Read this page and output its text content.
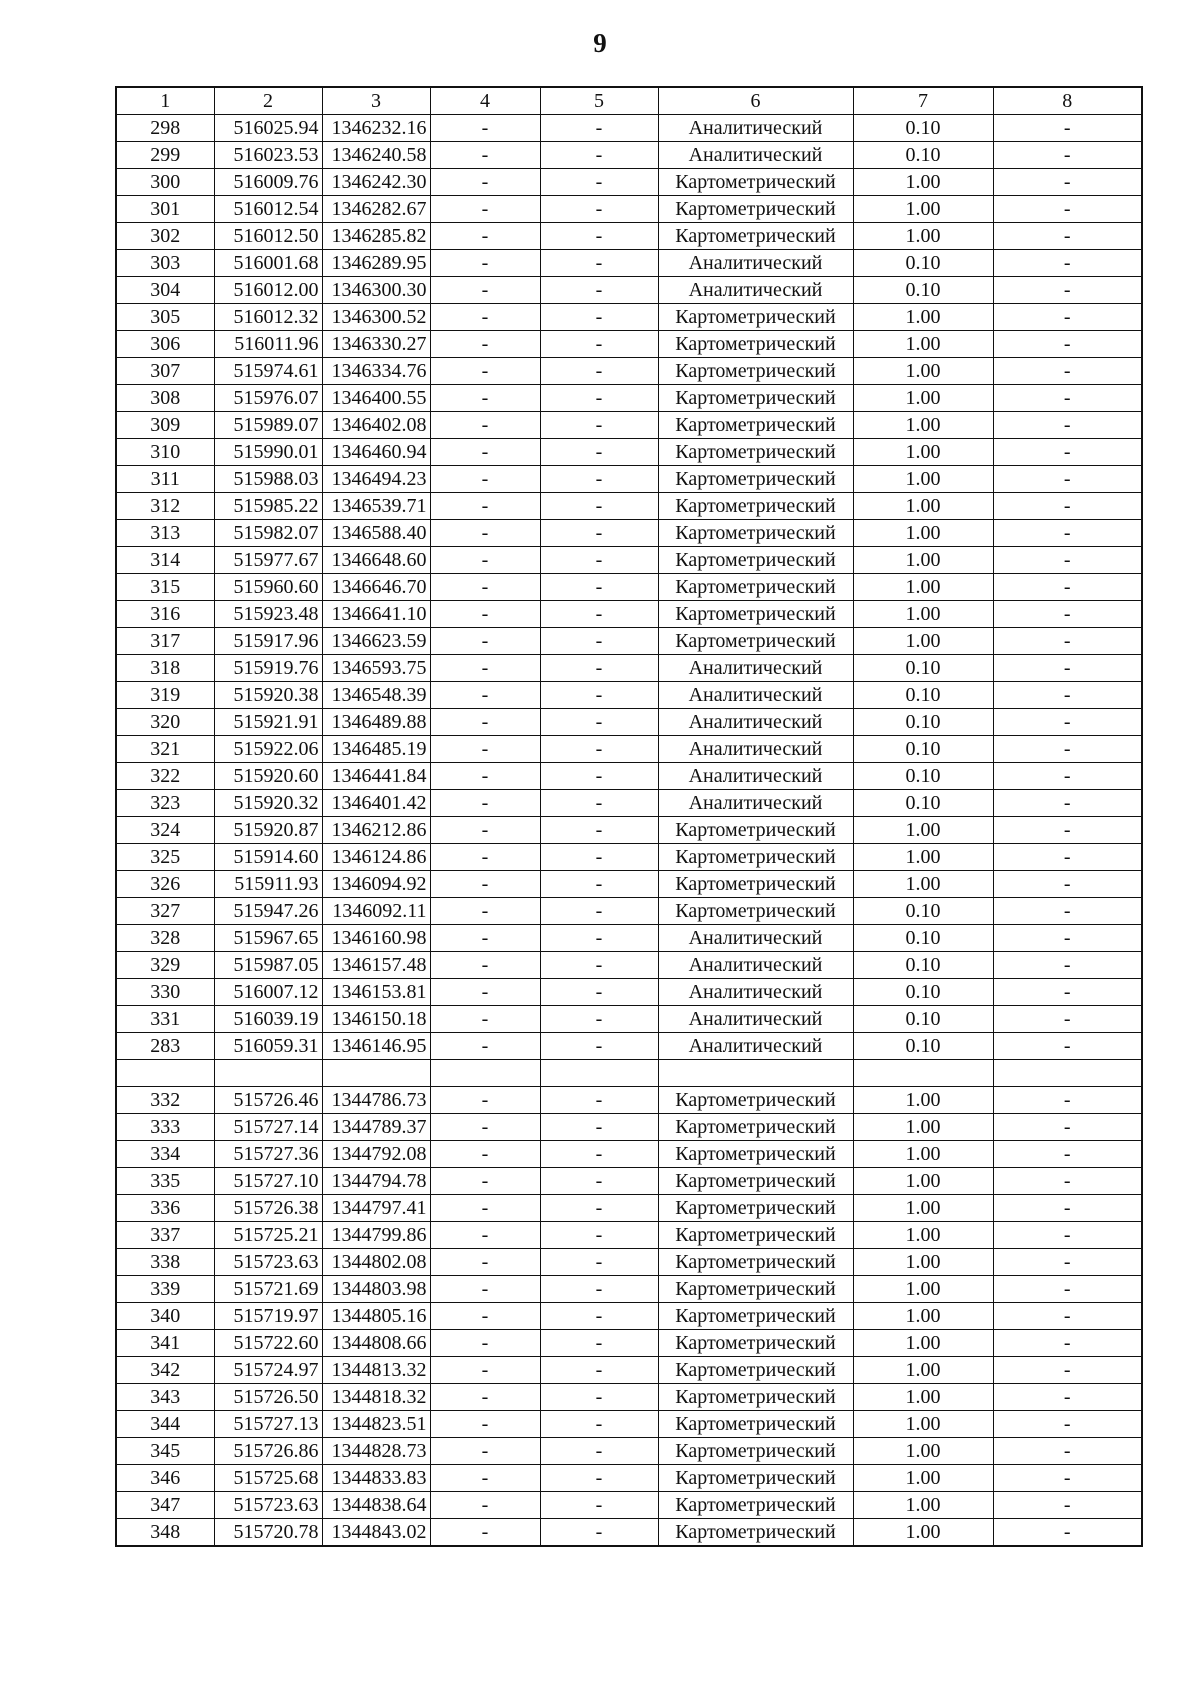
9
1	2	3	4	5	6	7	8
298	516025.94	1346232.16	-	-	Аналитический	0.10	-
299	516023.53	1346240.58	-	-	Аналитический	0.10	-
300	516009.76	1346242.30	-	-	Картометрический	1.00	-
301	516012.54	1346282.67	-	-	Картометрический	1.00	-
302	516012.50	1346285.82	-	-	Картометрический	1.00	-
303	516001.68	1346289.95	-	-	Аналитический	0.10	-
304	516012.00	1346300.30	-	-	Аналитический	0.10	-
305	516012.32	1346300.52	-	-	Картометрический	1.00	-
306	516011.96	1346330.27	-	-	Картометрический	1.00	-
307	515974.61	1346334.76	-	-	Картометрический	1.00	-
308	515976.07	1346400.55	-	-	Картометрический	1.00	-
309	515989.07	1346402.08	-	-	Картометрический	1.00	-
310	515990.01	1346460.94	-	-	Картометрический	1.00	-
311	515988.03	1346494.23	-	-	Картометрический	1.00	-
312	515985.22	1346539.71	-	-	Картометрический	1.00	-
313	515982.07	1346588.40	-	-	Картометрический	1.00	-
314	515977.67	1346648.60	-	-	Картометрический	1.00	-
315	515960.60	1346646.70	-	-	Картометрический	1.00	-
316	515923.48	1346641.10	-	-	Картометрический	1.00	-
317	515917.96	1346623.59	-	-	Картометрический	1.00	-
318	515919.76	1346593.75	-	-	Аналитический	0.10	-
319	515920.38	1346548.39	-	-	Аналитический	0.10	-
320	515921.91	1346489.88	-	-	Аналитический	0.10	-
321	515922.06	1346485.19	-	-	Аналитический	0.10	-
322	515920.60	1346441.84	-	-	Аналитический	0.10	-
323	515920.32	1346401.42	-	-	Аналитический	0.10	-
324	515920.87	1346212.86	-	-	Картометрический	1.00	-
325	515914.60	1346124.86	-	-	Картометрический	1.00	-
326	515911.93	1346094.92	-	-	Картометрический	1.00	-
327	515947.26	1346092.11	-	-	Картометрический	0.10	-
328	515967.65	1346160.98	-	-	Аналитический	0.10	-
329	515987.05	1346157.48	-	-	Аналитический	0.10	-
330	516007.12	1346153.81	-	-	Аналитический	0.10	-
331	516039.19	1346150.18	-	-	Аналитический	0.10	-
283	516059.31	1346146.95	-	-	Аналитический	0.10	-

332	515726.46	1344786.73	-	-	Картометрический	1.00	-
333	515727.14	1344789.37	-	-	Картометрический	1.00	-
334	515727.36	1344792.08	-	-	Картометрический	1.00	-
335	515727.10	1344794.78	-	-	Картометрический	1.00	-
336	515726.38	1344797.41	-	-	Картометрический	1.00	-
337	515725.21	1344799.86	-	-	Картометрический	1.00	-
338	515723.63	1344802.08	-	-	Картометрический	1.00	-
339	515721.69	1344803.98	-	-	Картометрический	1.00	-
340	515719.97	1344805.16	-	-	Картометрический	1.00	-
341	515722.60	1344808.66	-	-	Картометрический	1.00	-
342	515724.97	1344813.32	-	-	Картометрический	1.00	-
343	515726.50	1344818.32	-	-	Картометрический	1.00	-
344	515727.13	1344823.51	-	-	Картометрический	1.00	-
345	515726.86	1344828.73	-	-	Картометрический	1.00	-
346	515725.68	1344833.83	-	-	Картометрический	1.00	-
347	515723.63	1344838.64	-	-	Картометрический	1.00	-
348	515720.78	1344843.02	-	-	Картометрический	1.00	-
